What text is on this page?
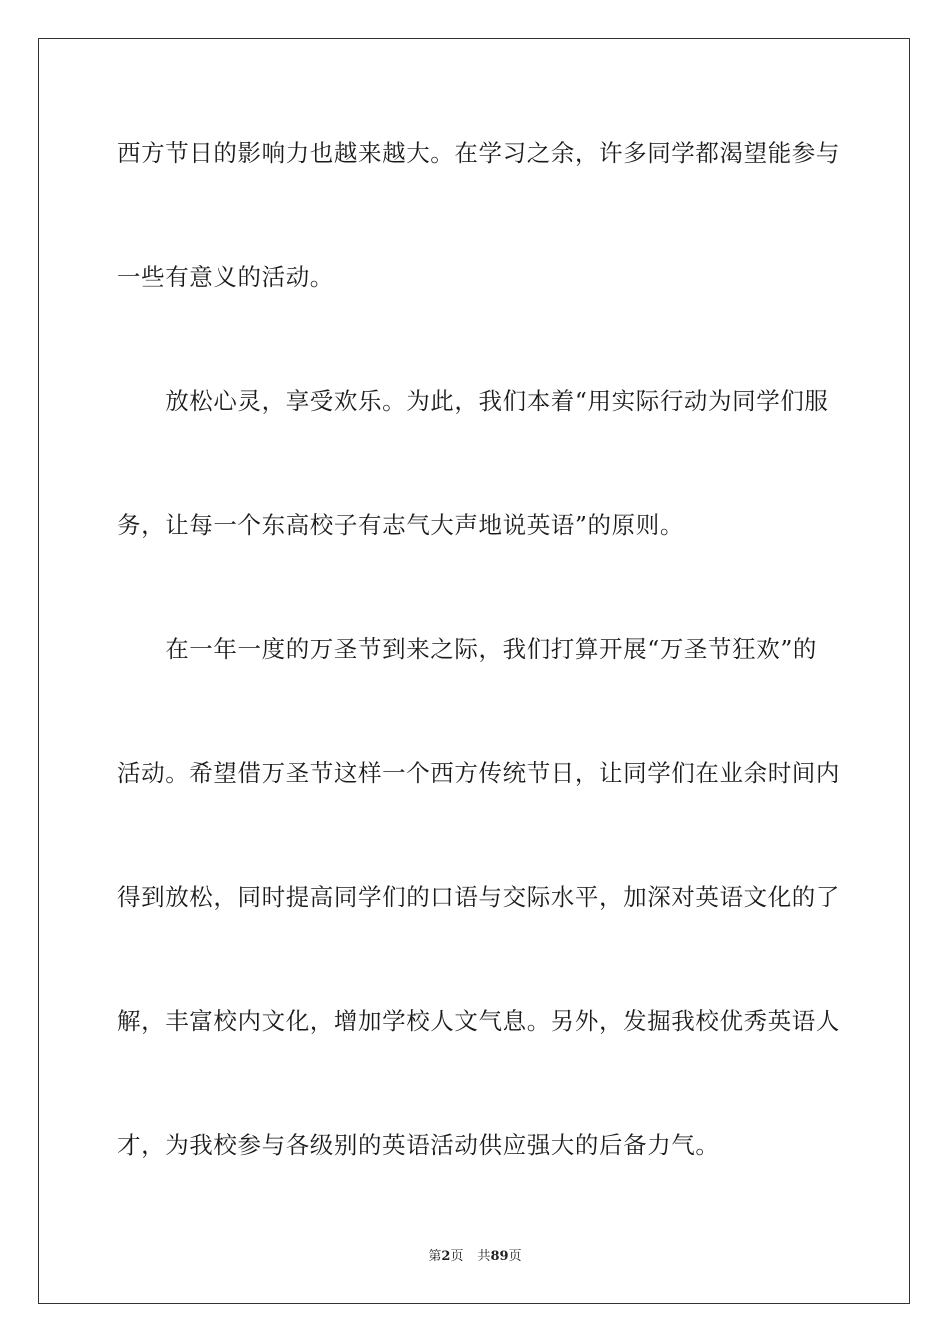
西方节日的影响力也越来越大。在学习之余，许多同学都渴望能参与
一些有意义的活动。
　　放松心灵，享受欢乐。为此，我们本着“用实际行动为同学们服
务，让每一个东高校子有志气大声地说英语”的原则。
　　在一年一度的万圣节到来之际，我们打算开展“万圣节狂欢”的
活动。希望借万圣节这样一个西方传统节日，让同学们在业余时间内
得到放松，同时提高同学们的口语与交际水平，加深对英语文化的了
解，丰富校内文化，增加学校人文气息。另外，发掘我校优秀英语人
才，为我校参与各级别的英语活动供应强大的后备力气。
第2页 共89页
